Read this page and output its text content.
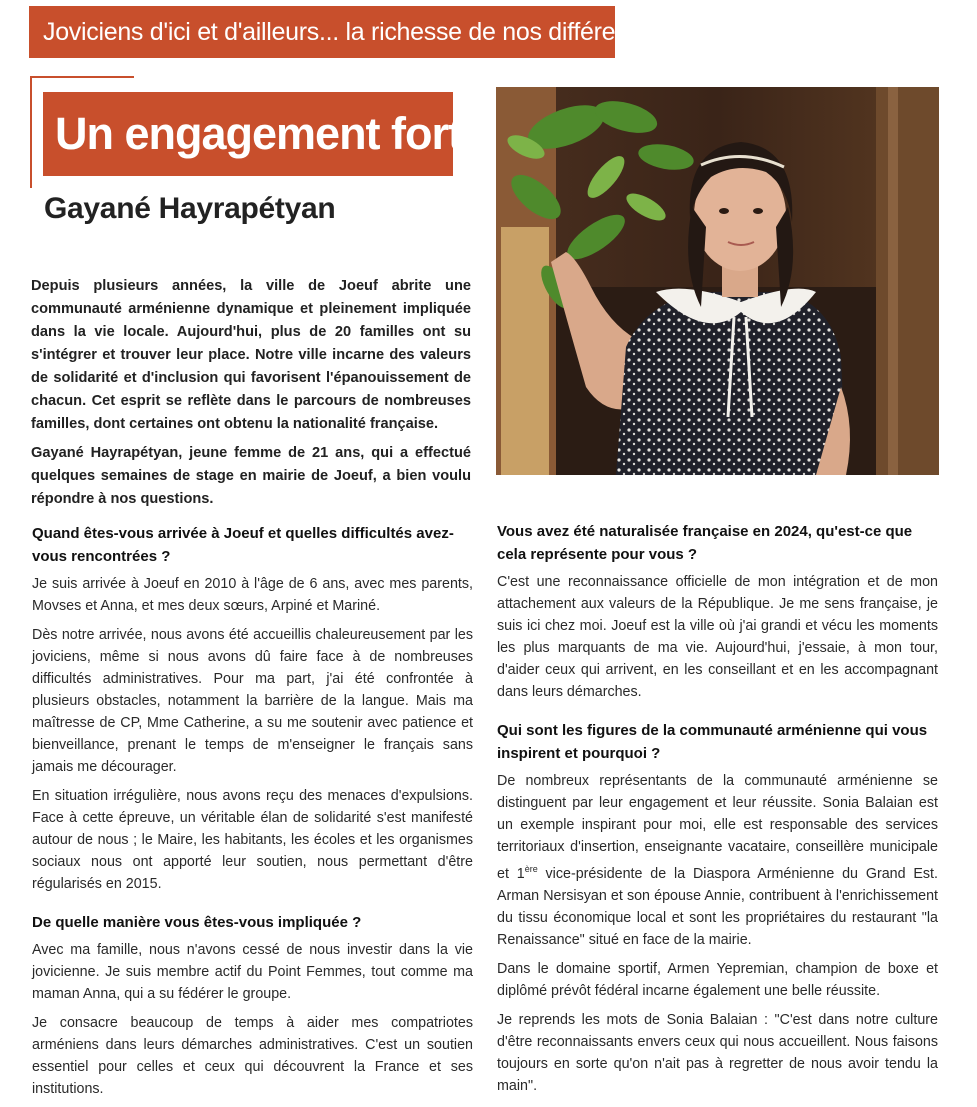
Joviciens d'ici et d'ailleurs... la richesse de nos différences
Un engagement fort
Gayané Hayrapétyan

Depuis plusieurs années, la ville de Joeuf abrite une communauté arménienne dynamique et pleinement impliquée dans la vie locale. Aujourd'hui, plus de 20 familles ont su s'intégrer et trouver leur place. Notre ville incarne des valeurs de solidarité et d'inclusion qui favorisent l'épanouissement de chacun. Cet esprit se reflète dans le parcours de nombreuses familles, dont certaines ont obtenu la nationalité française.

Gayané Hayrapétyan, jeune femme de 21 ans, qui a effectué quelques semaines de stage en mairie de Joeuf, a bien voulu répondre à nos questions.

Quand êtes-vous arrivée à Joeuf et quelles difficultés avez-vous rencontrées ?

Je suis arrivée à Joeuf en 2010 à l'âge de 6 ans, avec mes parents, Movses et Anna, et mes deux sœurs, Arpiné et Mariné.

Dès notre arrivée, nous avons été accueillis chaleureusement par les joviciens, même si nous avons dû faire face à de nombreuses difficultés administratives. Pour ma part, j'ai été confrontée à plusieurs obstacles, notamment la barrière de la langue. Mais ma maîtresse de CP, Mme Catherine, a su me soutenir avec patience et bienveillance, prenant le temps de m'enseigner le français sans jamais me décourager.

En situation irrégulière, nous avons reçu des menaces d'expulsions. Face à cette épreuve, un véritable élan de solidarité s'est manifesté autour de nous ; le Maire, les habitants, les écoles et les organismes sociaux nous ont apporté leur soutien, nous permettant d'être régularisés en 2015.

De quelle manière vous êtes-vous impliquée ?

Avec ma famille, nous n'avons cessé de nous investir dans la vie jovicienne. Je suis membre actif du Point Femmes, tout comme ma maman Anna, qui a su fédérer le groupe.

Je consacre beaucoup de temps à aider mes compatriotes arméniens dans leurs démarches administratives. C'est un soutien essentiel pour celles et ceux qui découvrent la France et ses institutions.

Vous avez été naturalisée française en 2024, qu'est-ce que cela représente pour vous ?

C'est une reconnaissance officielle de mon intégration et de mon attachement aux valeurs de la République. Je me sens française, je suis ici chez moi. Joeuf est la ville où j'ai grandi et vécu les moments les plus marquants de ma vie. Aujourd'hui, j'essaie, à mon tour, d'aider ceux qui arrivent, en les conseillant et en les accompagnant dans leurs démarches.

Qui sont les figures de la communauté arménienne qui vous inspirent et pourquoi ?

De nombreux représentants de la communauté arménienne se distinguent par leur engagement et leur réussite. Sonia Balaian est un exemple inspirant pour moi, elle est responsable des services territoriaux d'insertion, enseignante vacataire, conseillère municipale et 1ère vice-présidente de la Diaspora Arménienne du Grand Est. Arman Nersisyan et son épouse Annie, contribuent à l'enrichissement du tissu économique local et sont les propriétaires du restaurant "la Renaissance" situé en face de la mairie.

Dans le domaine sportif, Armen Yepremian, champion de boxe et diplômé prévôt fédéral incarne également une belle réussite.

Je reprends les mots de Sonia Balaian : "C'est dans notre culture d'être reconnaissants envers ceux qui nous accueillent. Nous faisons toujours en sorte qu'on n'ait pas à regretter de nous avoir tendu la main".
